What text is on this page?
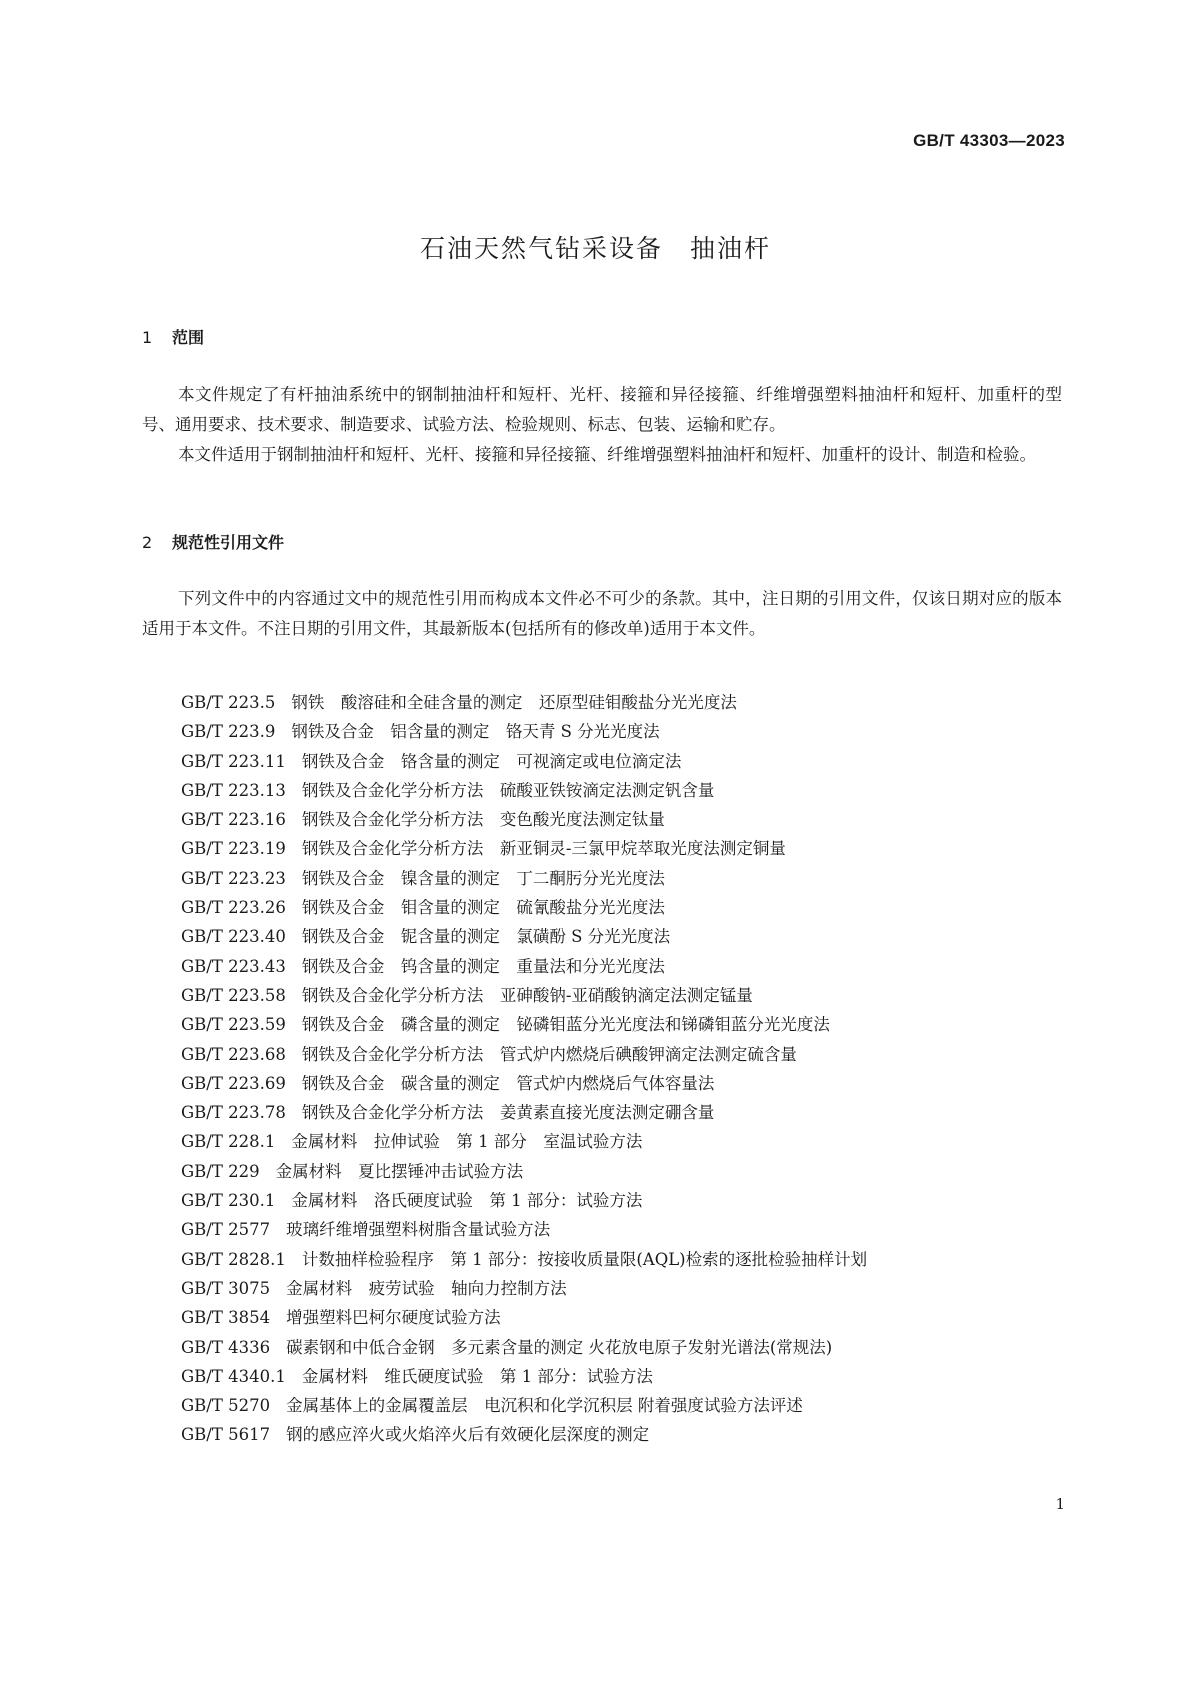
GB/T 43303—2023
石油天然气钻采设备　抽油杆
1 范围
本文件规定了有杆抽油系统中的钢制抽油杆和短杆、光杆、接箍和异径接箍、纤维增强塑料抽油杆和短杆、加重杆的型号、通用要求、技术要求、制造要求、试验方法、检验规则、标志、包装、运输和贮存。
本文件适用于钢制抽油杆和短杆、光杆、接箍和异径接箍、纤维增强塑料抽油杆和短杆、加重杆的设计、制造和检验。
2 规范性引用文件
下列文件中的内容通过文中的规范性引用而构成本文件必不可少的条款。其中，注日期的引用文件，仅该日期对应的版本适用于本文件。不注日期的引用文件，其最新版本(包括所有的修改单)适用于本文件。
GB/T 223.5 钢铁　酸溶硅和全硅含量的测定　还原型硅钼酸盐分光光度法
GB/T 223.9 钢铁及合金　铝含量的测定　铬天青 S 分光光度法
GB/T 223.11 钢铁及合金　铬含量的测定　可视滴定或电位滴定法
GB/T 223.13 钢铁及合金化学分析方法　硫酸亚铁铵滴定法测定钒含量
GB/T 223.16 钢铁及合金化学分析方法　变色酸光度法测定钛量
GB/T 223.19 钢铁及合金化学分析方法　新亚铜灵-三氯甲烷萃取光度法测定铜量
GB/T 223.23 钢铁及合金　镍含量的测定　丁二酮肟分光光度法
GB/T 223.26 钢铁及合金　钼含量的测定　硫氰酸盐分光光度法
GB/T 223.40 钢铁及合金　铌含量的测定　氯磺酚 S 分光光度法
GB/T 223.43 钢铁及合金　钨含量的测定　重量法和分光光度法
GB/T 223.58 钢铁及合金化学分析方法　亚砷酸钠-亚硝酸钠滴定法测定锰量
GB/T 223.59 钢铁及合金　磷含量的测定　铋磷钼蓝分光光度法和锑磷钼蓝分光光度法
GB/T 223.68 钢铁及合金化学分析方法　管式炉内燃烧后碘酸钾滴定法测定硫含量
GB/T 223.69 钢铁及合金　碳含量的测定　管式炉内燃烧后气体容量法
GB/T 223.78 钢铁及合金化学分析方法　姜黄素直接光度法测定硼含量
GB/T 228.1 金属材料　拉伸试验　第 1 部分　室温试验方法
GB/T 229 金属材料　夏比摆锤冲击试验方法
GB/T 230.1 金属材料　洛氏硬度试验　第 1 部分：试验方法
GB/T 2577 玻璃纤维增强塑料树脂含量试验方法
GB/T 2828.1 计数抽样检验程序　第 1 部分：按接收质量限(AQL)检索的逐批检验抽样计划
GB/T 3075 金属材料　疲劳试验　轴向力控制方法
GB/T 3854 增强塑料巴柯尔硬度试验方法
GB/T 4336 碳素钢和中低合金钢　多元素含量的测定 火花放电原子发射光谱法(常规法)
GB/T 4340.1 金属材料　维氏硬度试验　第 1 部分：试验方法
GB/T 5270 金属基体上的金属覆盖层　电沉积和化学沉积层 附着强度试验方法评述
GB/T 5617 钢的感应淬火或火焰淬火后有效硬化层深度的测定
1
